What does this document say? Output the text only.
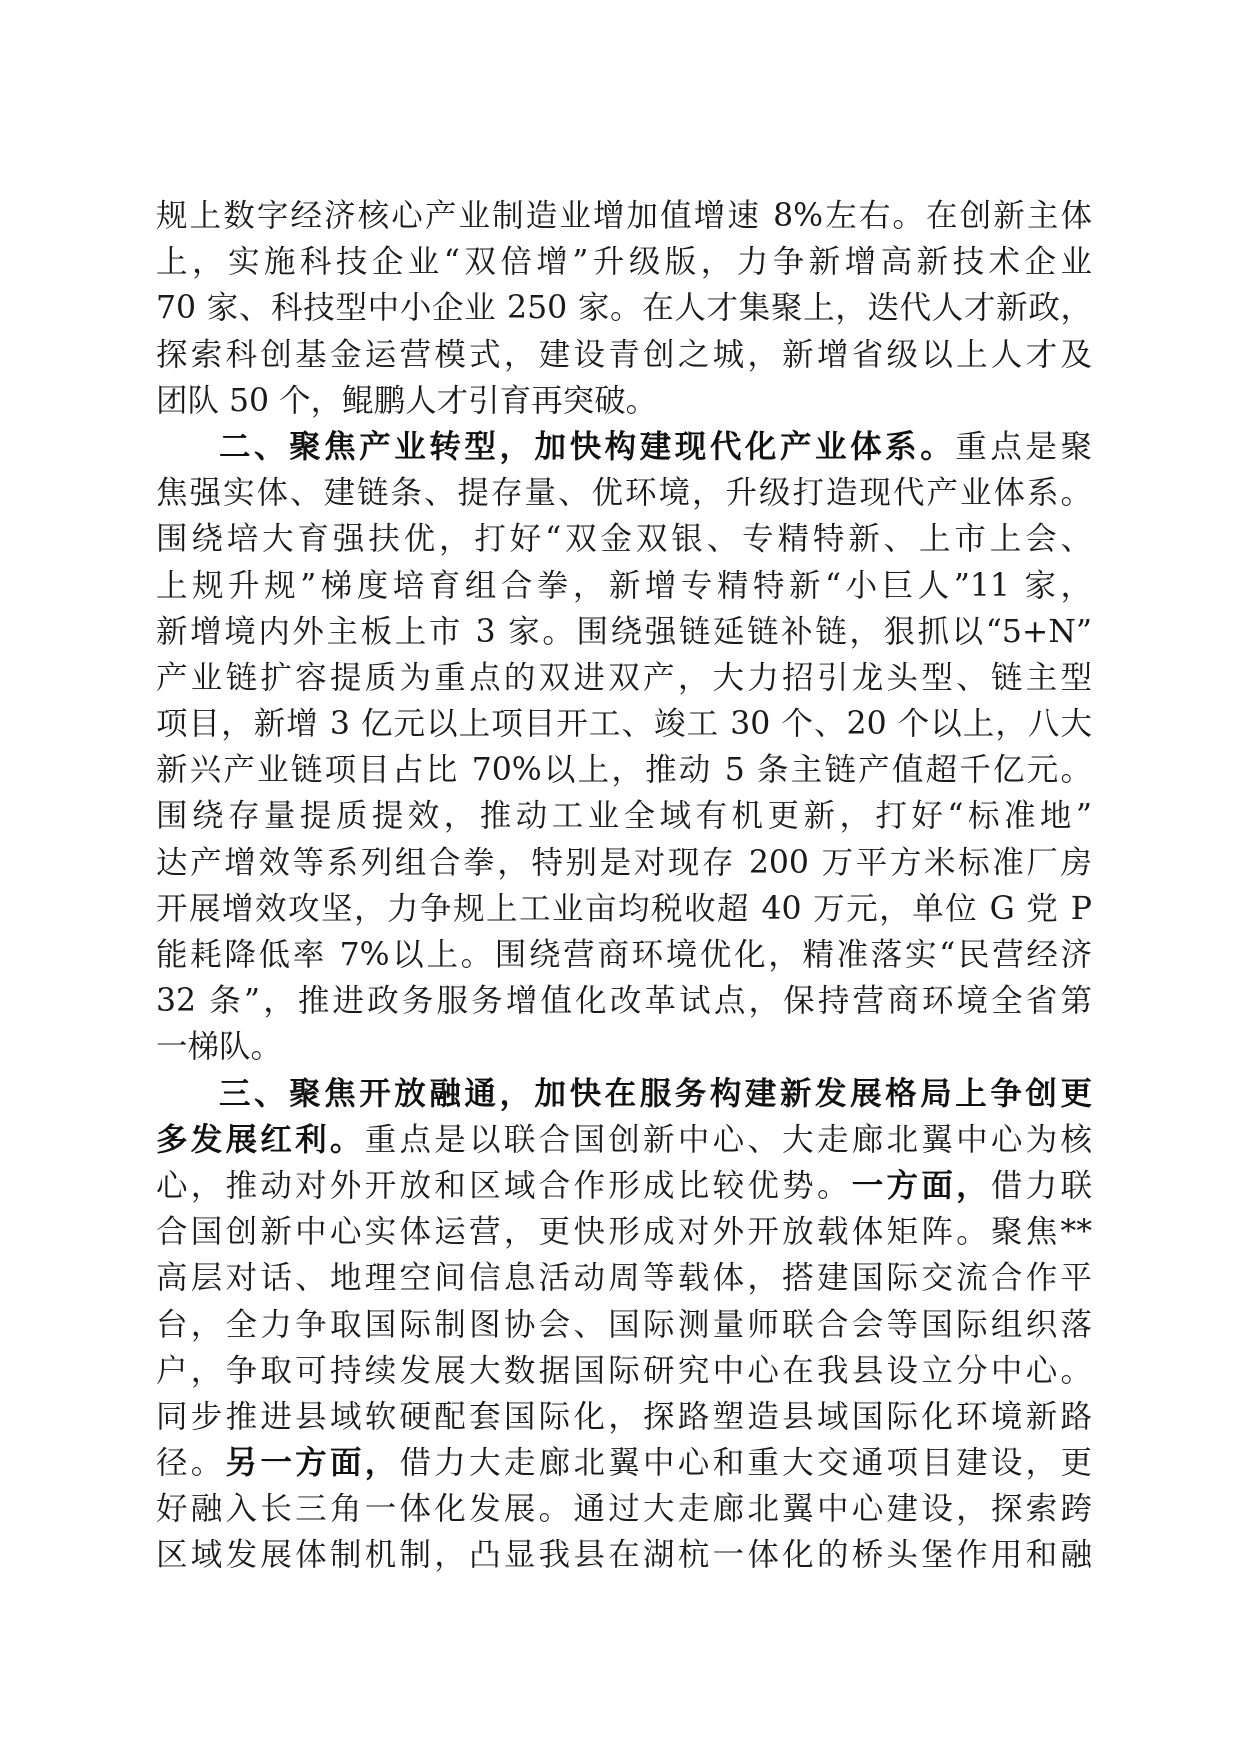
规上数字经济核心产业制造业增加值增速 8%左右。在创新主体
上，实施科技企业“双倍增”升级版，力争新增高新技术企业
70 家、科技型中小企业 250 家。在人才集聚上，迭代人才新政，
探索科创基金运营模式，建设青创之城，新增省级以上人才及
团队 50 个，鲲鹏人才引育再突破。
二、聚焦产业转型，加快构建现代化产业体系。重点是聚
焦强实体、建链条、提存量、优环境，升级打造现代产业体系。
围绕培大育强扶优，打好“双金双银、专精特新、上市上会、
上规升规”梯度培育组合拳，新增专精特新“小巨人”11 家，
新增境内外主板上市 3 家。围绕强链延链补链，狠抓以“5+N”
产业链扩容提质为重点的双进双产，大力招引龙头型、链主型
项目，新增 3 亿元以上项目开工、竣工 30 个、20 个以上，八大
新兴产业链项目占比 70%以上，推动 5 条主链产值超千亿元。
围绕存量提质提效，推动工业全域有机更新，打好“标准地”
达产增效等系列组合拳，特别是对现存 200 万平方米标准厂房
开展增效攻坚，力争规上工业亩均税收超 40 万元，单位 G 党 P
能耗降低率 7%以上。围绕营商环境优化，精准落实“民营经济
32 条”，推进政务服务增值化改革试点，保持营商环境全省第
一梯队。
三、聚焦开放融通，加快在服务构建新发展格局上争创更
多发展红利。重点是以联合国创新中心、大走廊北翼中心为核
心，推动对外开放和区域合作形成比较优势。一方面，借力联
合国创新中心实体运营，更快形成对外开放载体矩阵。聚焦**
高层对话、地理空间信息活动周等载体，搭建国际交流合作平
台，全力争取国际制图协会、国际测量师联合会等国际组织落
户，争取可持续发展大数据国际研究中心在我县设立分中心。
同步推进县域软硬配套国际化，探路塑造县域国际化环境新路
径。另一方面，借力大走廊北翼中心和重大交通项目建设，更
好融入长三角一体化发展。通过大走廊北翼中心建设，探索跨
区域发展体制机制，凸显我县在湖杭一体化的桥头堡作用和融
